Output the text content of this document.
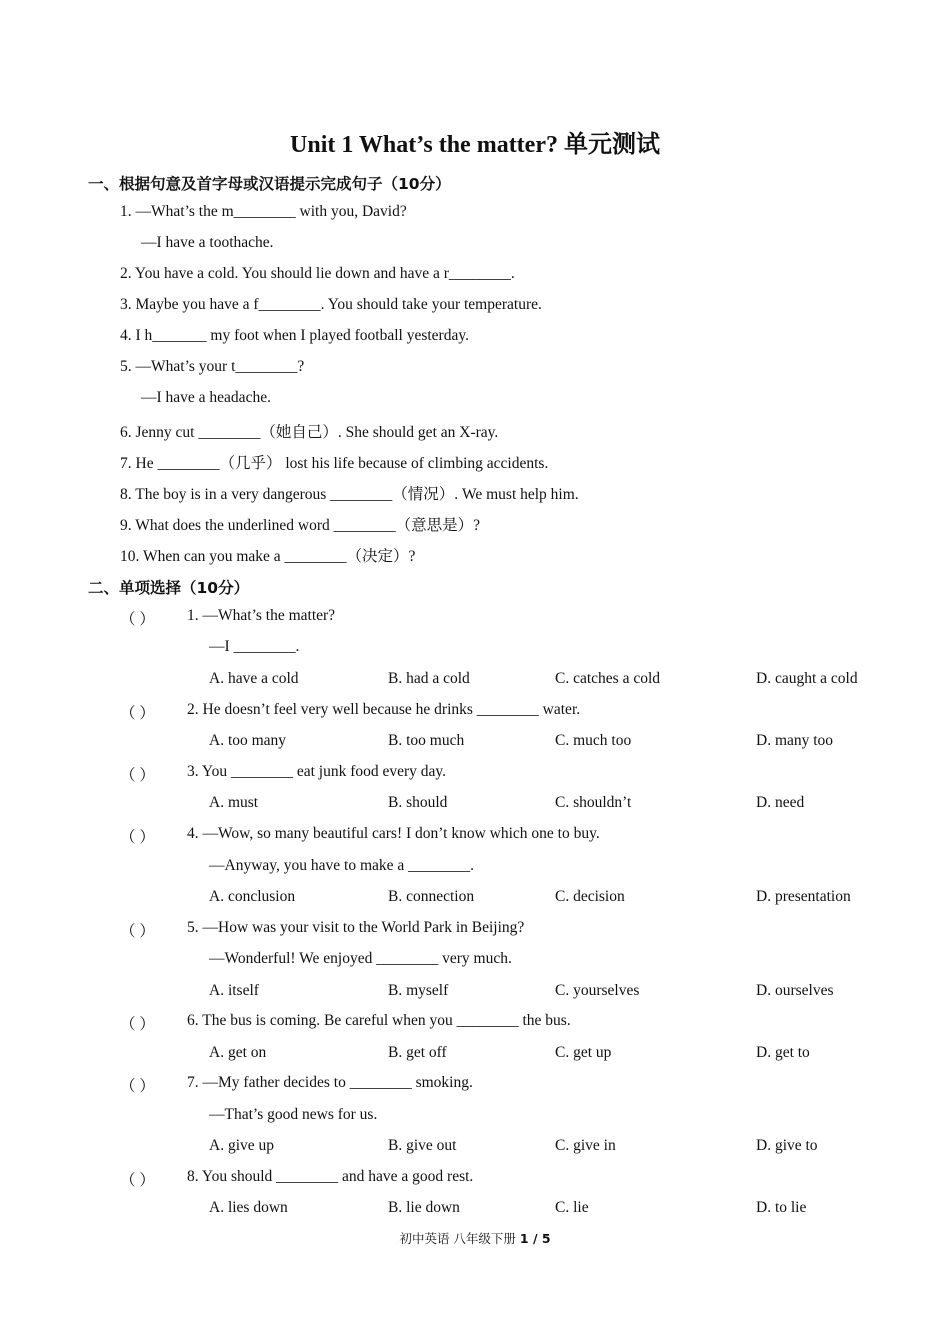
Unit 1 What’s the matter? 单元测试
一、根据句意及首字母或汉语提示完成句子（10分）
1. —What’s the m________ with you, David?
—I have a toothache.
2. You have a cold. You should lie down and have a r________.
3. Maybe you have a f________. You should take your temperature.
4. I h_______ my foot when I played football yesterday.
5. —What’s your t________?
—I have a headache.
6. Jenny cut ________（她自己）. She should get an X-ray.
7. He ________（几乎） lost his life because of climbing accidents.
8. The boy is in a very dangerous ________（情况）. We must help him.
9. What does the underlined word ________（意思是）?
10. When can you make a ________（决定）?
二、单项选择（10分）
（ ） 1. —What’s the matter?
—I ________.
A. have a cold	B. had a cold	C. catches a cold	D. caught a cold
（ ） 2. He doesn’t feel very well because he drinks ________ water.
A. too many	B. too much	C. much too	D. many too
（ ） 3. You ________ eat junk food every day.
A. must	B. should	C. shouldn’t	D. need
（ ） 4. —Wow, so many beautiful cars! I don’t know which one to buy.
—Anyway, you have to make a ________.
A. conclusion	B. connection	C. decision	D. presentation
（ ） 5. —How was your visit to the World Park in Beijing?
—Wonderful! We enjoyed ________ very much.
A. itself	B. myself	C. yourselves	D. ourselves
（ ） 6. The bus is coming. Be careful when you ________ the bus.
A. get on	B. get off	C. get up	D. get to
（ ） 7. —My father decides to ________ smoking.
—That’s good news for us.
A. give up	B. give out	C. give in	D. give to
（ ） 8. You should ________ and have a good rest.
A. lies down	B. lie down	C. lie	D. to lie
初中英语 八年级下册 1 / 5
